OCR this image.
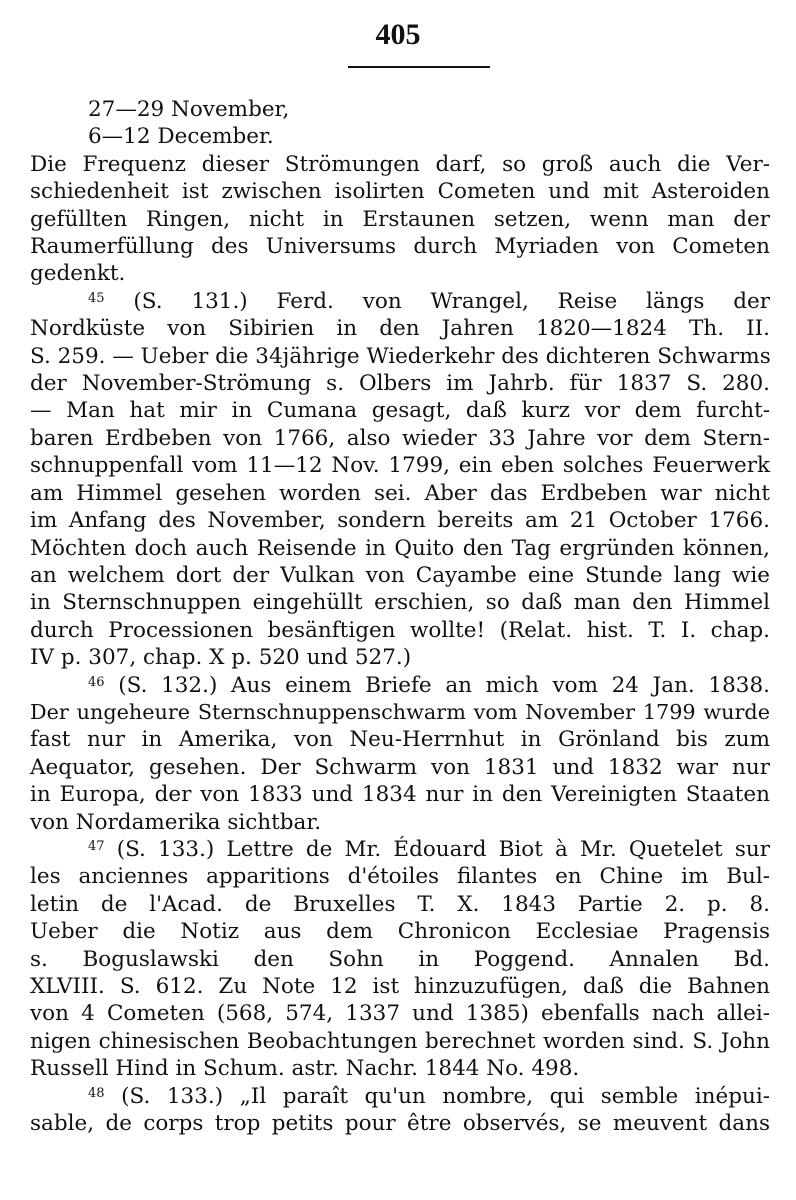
405
27—29 November,
6—12 December.
Die Frequenz dieser Strömungen darf, so groß auch die Ver-
schiedenheit ist zwischen isolirten Cometen und mit Asteroiden
gefüllten Ringen, nicht in Erstaunen setzen, wenn man der
Raumerfüllung des Universums durch Myriaden von Cometen
gedenkt.
$^{45}$ (S. 131.) Ferd. von Wrangel, Reise längs der
Nordküste von Sibirien in den Jahren 1820—1824 Th. II.
S. 259. — Ueber die 34jährige Wiederkehr des dichteren Schwarms
der November-Strömung s. Olbers im Jahrb. für 1837 S. 280.
— Man hat mir in Cumana gesagt, daß kurz vor dem furcht-
baren Erdbeben von 1766, also wieder 33 Jahre vor dem Stern-
schnuppenfall vom 11—12 Nov. 1799, ein eben solches Feuerwerk
am Himmel gesehen worden sei. Aber das Erdbeben war nicht
im Anfang des November, sondern bereits am 21 October 1766.
Möchten doch auch Reisende in Quito den Tag ergründen können,
an welchem dort der Vulkan von Cayambe eine Stunde lang wie
in Sternschnuppen eingehüllt erschien, so daß man den Himmel
durch Processionen besänftigen wollte! (Relat. hist. T. I. chap.
IV p. 307, chap. X p. 520 und 527.)
$^{46}$ (S. 132.) Aus einem Briefe an mich vom 24 Jan. 1838.
Der ungeheure Sternschnuppenschwarm vom November 1799 wurde
fast nur in Amerika, von Neu-Herrnhut in Grönland bis zum
Aequator, gesehen. Der Schwarm von 1831 und 1832 war nur
in Europa, der von 1833 und 1834 nur in den Vereinigten Staaten
von Nordamerika sichtbar.
$^{47}$ (S. 133.) Lettre de Mr. Édouard Biot à Mr. Quetelet sur
les anciennes apparitions d'étoiles filantes en Chine im Bul-
letin de l'Acad. de Bruxelles T. X. 1843 Partie 2. p. 8.
Ueber die Notiz aus dem Chronicon Ecclesiae Pragensis
s. Boguslawski den Sohn in Poggend. Annalen Bd.
XLVIII. S. 612. Zu Note 12 ist hinzuzufügen, daß die Bahnen
von 4 Cometen (568, 574, 1337 und 1385) ebenfalls nach allei-
nigen chinesischen Beobachtungen berechnet worden sind. S. John
Russell Hind in Schum. astr. Nachr. 1844 No. 498.
$^{48}$ (S. 133.) „Il paraît qu'un nombre, qui semble inépui-
sable, de corps trop petits pour être observés, se meuvent dans
